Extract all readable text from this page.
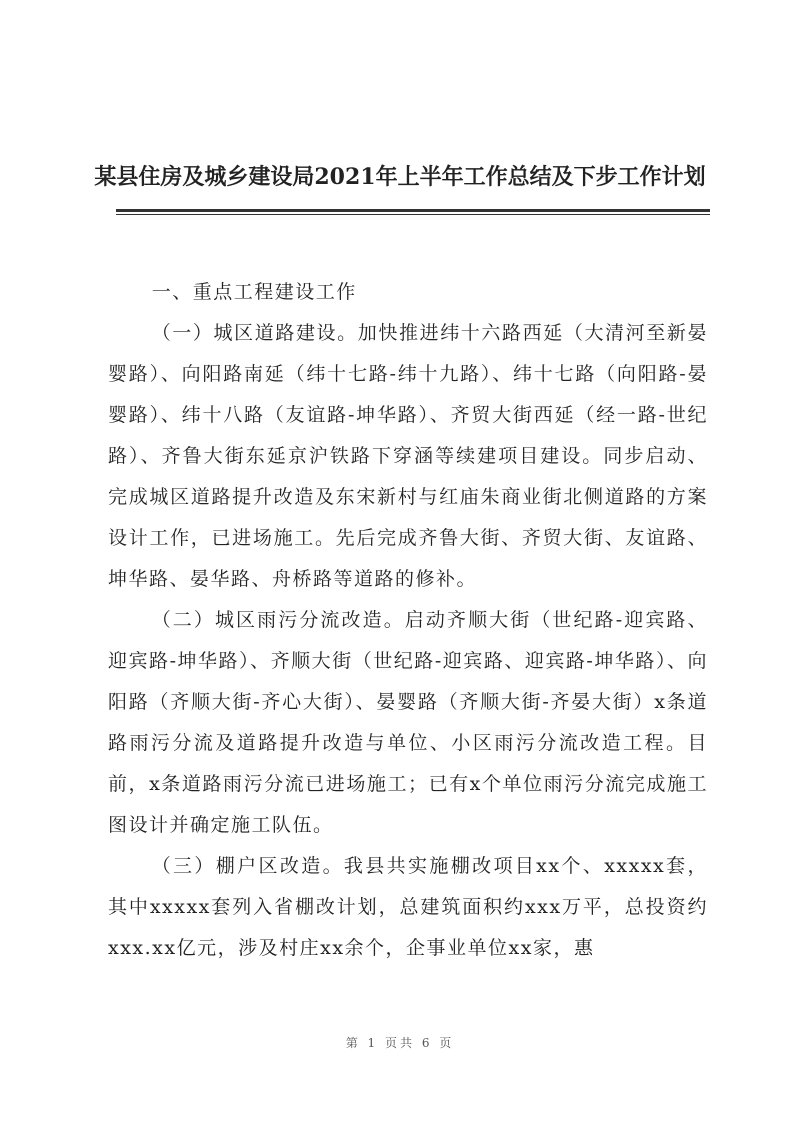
某县住房及城乡建设局2021年上半年工作总结及下步工作计划

一、重点工程建设工作

（一）城区道路建设。加快推进纬十六路西延（大清河至新晏婴路）、向阳路南延（纬十七路-纬十九路）、纬十七路（向阳路-晏婴路）、纬十八路（友谊路-坤华路）、齐贸大街西延（经一路-世纪路）、齐鲁大街东延京沪铁路下穿涵等续建项目建设。同步启动、完成城区道路提升改造及东宋新村与红庙朱商业街北侧道路的方案设计工作，已进场施工。先后完成齐鲁大街、齐贸大街、友谊路、坤华路、晏华路、舟桥路等道路的修补。

（二）城区雨污分流改造。启动齐顺大街（世纪路-迎宾路、迎宾路-坤华路）、齐顺大街（世纪路-迎宾路、迎宾路-坤华路）、向阳路（齐顺大街-齐心大街）、晏婴路（齐顺大街-齐晏大街）x条道路雨污分流及道路提升改造与单位、小区雨污分流改造工程。目前，x条道路雨污分流已进场施工；已有x个单位雨污分流完成施工图设计并确定施工队伍。

（三）棚户区改造。我县共实施棚改项目xx个、xxxxx套，其中xxxxx套列入省棚改计划，总建筑面积约xxx万平，总投资约xxx.xx亿元，涉及村庄xx余个，企事业单位xx家，惠

第 1 页共 6 页
